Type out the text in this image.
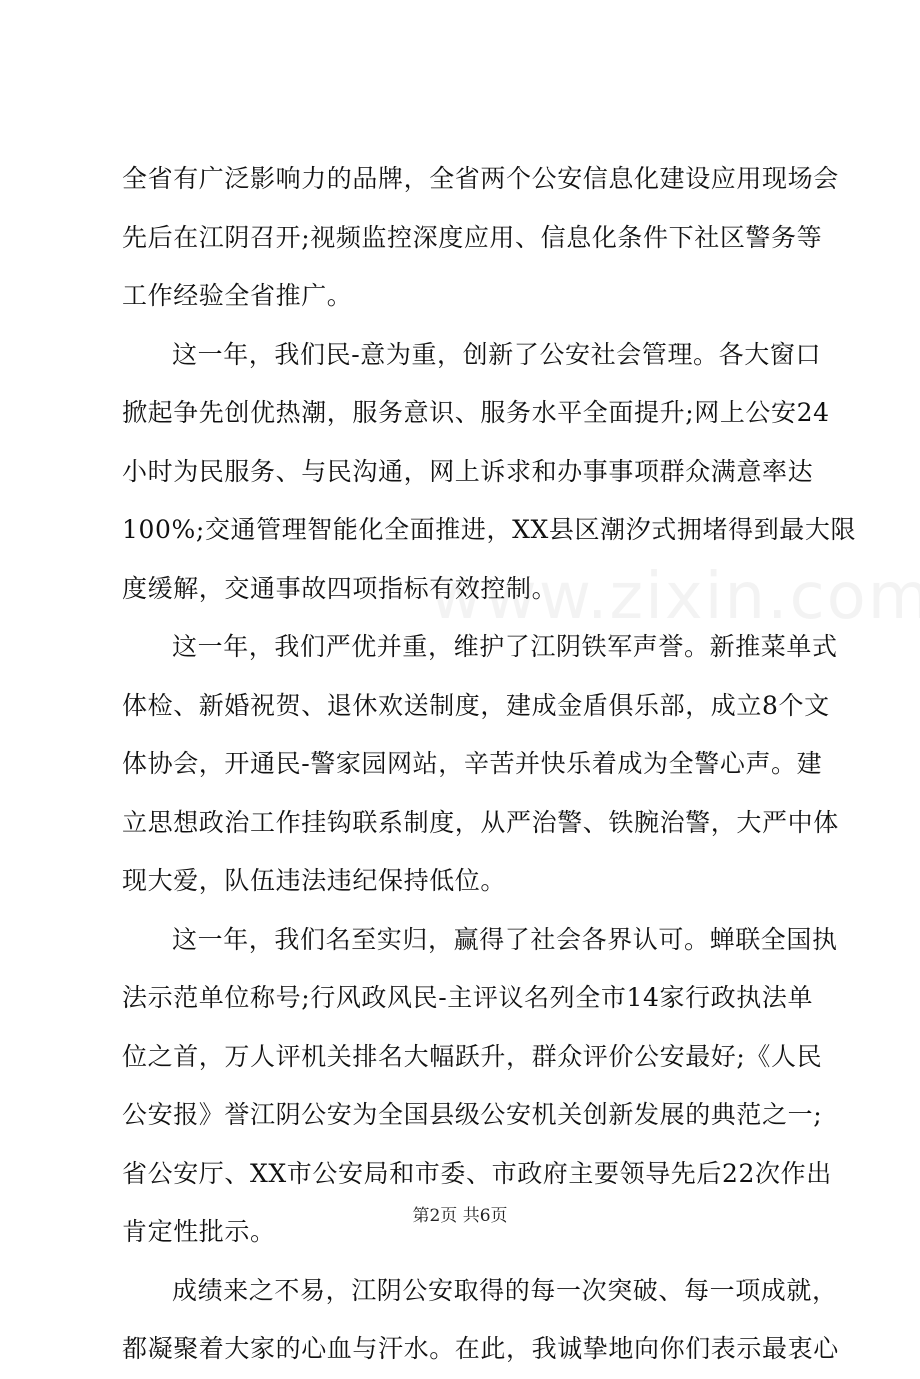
全省有广泛影响力的品牌，全省两个公安信息化建设应用现场会
先后在江阴召开;视频监控深度应用、信息化条件下社区警务等
工作经验全省推广。
这一年，我们民-意为重，创新了公安社会管理。各大窗口
掀起争先创优热潮，服务意识、服务水平全面提升;网上公安24
小时为民服务、与民沟通，网上诉求和办事事项群众满意率达
100%;交通管理智能化全面推进，XX县区潮汐式拥堵得到最大限
度缓解，交通事故四项指标有效控制。
这一年，我们严优并重，维护了江阴铁军声誉。新推菜单式
体检、新婚祝贺、退休欢送制度，建成金盾俱乐部，成立8个文
体协会，开通民-警家园网站，辛苦并快乐着成为全警心声。建
立思想政治工作挂钩联系制度，从严治警、铁腕治警，大严中体
现大爱，队伍违法违纪保持低位。
这一年，我们名至实归，赢得了社会各界认可。蝉联全国执
法示范单位称号;行风政风民-主评议名列全市14家行政执法单
位之首，万人评机关排名大幅跃升，群众评价公安最好;《人民
公安报》誉江阴公安为全国县级公安机关创新发展的典范之一;
省公安厅、XX市公安局和市委、市政府主要领导先后22次作出
肯定性批示。
成绩来之不易，江阴公安取得的每一次突破、每一项成就，
都凝聚着大家的心血与汗水。在此，我诚挚地向你们表示最衷心
第2页 共6页
